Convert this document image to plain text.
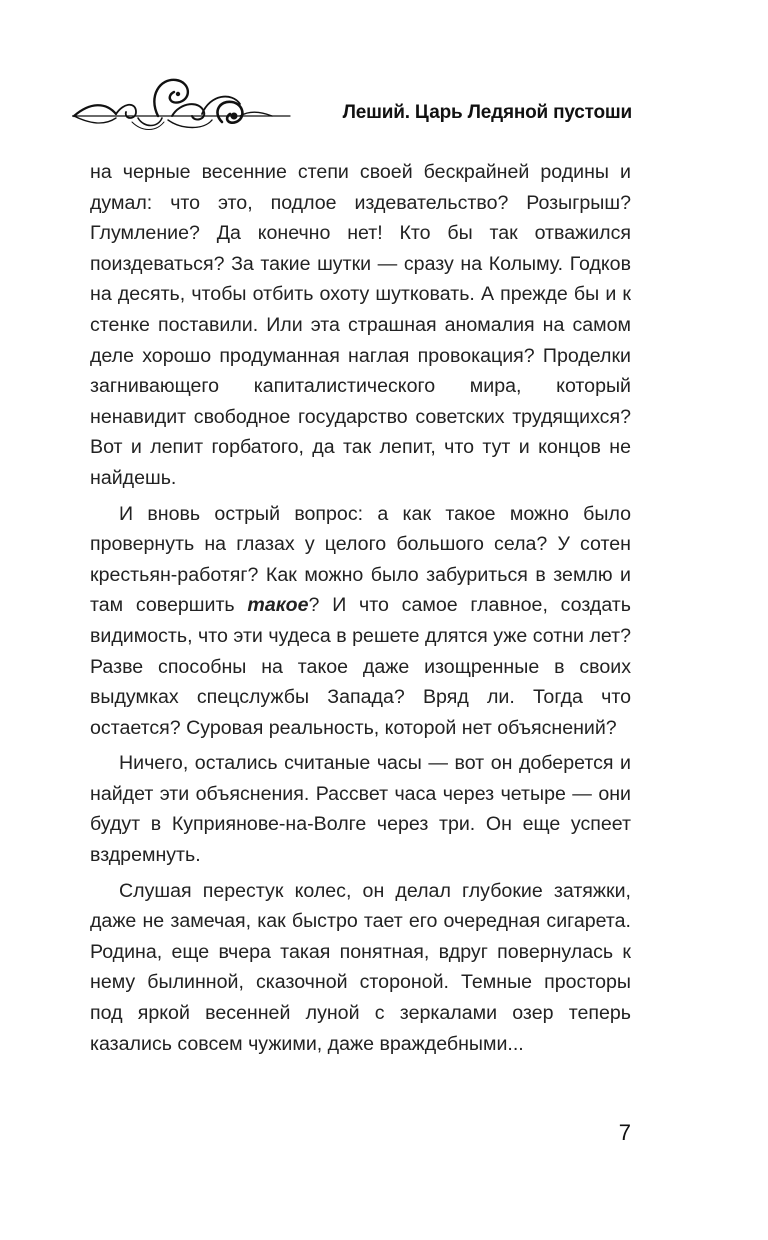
Леший. Царь Ледяной пустоши

на черные весенние степи своей бескрайней родины и думал: что это, подлое издевательство? Розыгрыш? Глумление? Да конечно нет! Кто бы так отважился поиздеваться? За такие шутки — сразу на Колыму. Годков на десять, чтобы отбить охоту шутковать. А прежде бы и к стенке поставили. Или эта страшная аномалия на самом деле хорошо продуманная наглая провокация? Проделки загнивающего капиталистического мира, который ненавидит свободное государство советских трудящихся? Вот и лепит горбатого, да так лепит, что тут и концов не найдешь.

И вновь острый вопрос: а как такое можно было провернуть на глазах у целого большого села? У сотен крестьян-работяг? Как можно было забуриться в землю и там совершить такое? И что самое главное, создать видимость, что эти чудеса в решете длятся уже сотни лет? Разве способны на такое даже изощренные в своих выдумках спецслужбы Запада? Вряд ли. Тогда что остается? Суровая реальность, которой нет объяснений?

Ничего, остались считаные часы — вот он доберется и найдет эти объяснения. Рассвет часа через четыре — они будут в Куприянове-на-Волге через три. Он еще успеет вздремнуть.

Слушая перестук колес, он делал глубокие затяжки, даже не замечая, как быстро тает его очередная сигарета. Родина, еще вчера такая понятная, вдруг повернулась к нему былинной, сказочной стороной. Темные просторы под яркой весенней луной с зеркалами озер теперь казались совсем чужими, даже враждебными...

7
